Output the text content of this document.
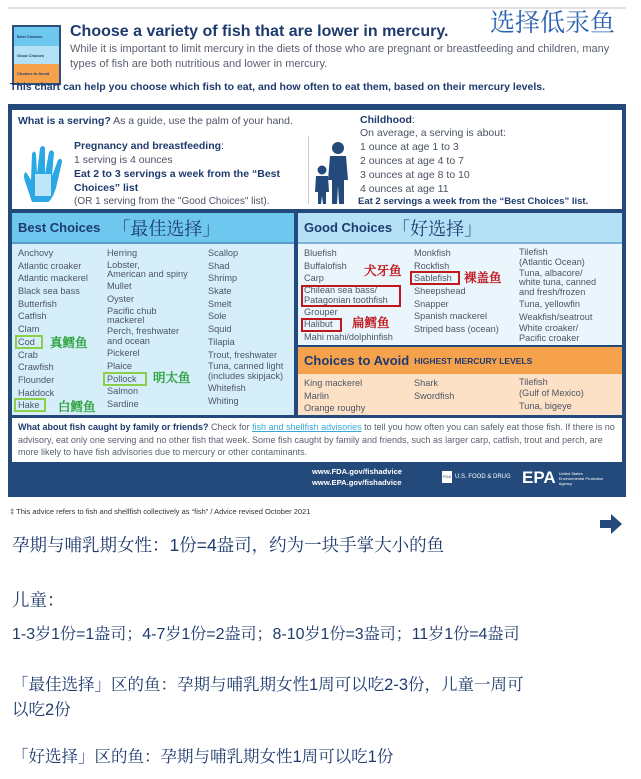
Best Choices
Good Choices
Choices to Avoid
Choose a variety of fish that are lower in mercury. 选择低汞鱼
While it is important to limit mercury in the diets of those who are pregnant or breastfeeding and children, many types of fish are both nutritious and lower in mercury.
This chart can help you choose which fish to eat, and how often to eat them, based on their mercury levels.
What is a serving? As a guide, use the palm of your hand.
Pregnancy and breastfeeding:
1 serving is 4 ounces
Eat 2 to 3 servings a week from the “Best Choices” list
(OR 1 serving from the "Good Choices" list).
Childhood:
On average, a serving is about:
1 ounce at age 1 to 3
2 ounces at age 4 to 7
3 ounces at age 8 to 10
4 ounces at age 11
Eat 2 servings a week from the “Best Choices” list.
Best Choices 「最佳选择」
Anchovy
Atlantic croaker
Atlantic mackerel
Black sea bass
Butterfish
Catfish
Clam
Cod
Crab
Crawfish
Flounder
Haddock
Hake
Herring
Lobster,
American and spiny
Mullet
Oyster
Pacific chub
mackerel
Perch, freshwater
and ocean
Pickerel
Plaice
Pollock
Salmon
Sardine
Scallop
Shad
Shrimp
Skate
Smelt
Sole
Squid
Tilapia
Trout, freshwater
Tuna, canned light
(includes skipjack)
Whitefish
Whiting
真鳕鱼
明太鱼
白鳕鱼
Good Choices 「好选择」
Bluefish
Buffalofish
Carp
Chilean sea bass/
Patagonian toothfish
Grouper
Halibut
Mahi mahi/dolphinfish
Monkfish
Rockfish
Sablefish
Sheepshead
Snapper
Spanish mackerel
Striped bass (ocean)
Tilefish
(Atlantic Ocean)
Tuna, albacore/
white tuna, canned
and fresh/frozen
Tuna, yellowfin
Weakfish/seatrout
White croaker/
Pacific croaker
犬牙鱼	裸盖鱼
扁鳕鱼
Choices to Avoid HIGHEST MERCURY LEVELS
King mackerel
Marlin
Orange roughy
Shark
Swordfish
Tilefish
(Gulf of Mexico)
Tuna, bigeye
What about fish caught by family or friends? Check for fish and shellfish advisories to tell you how often you can safely eat those fish. If there is no advisory, eat only one serving and no other fish that week. Some fish caught by family and friends, such as larger carp, catfish, trout and perch, are more likely to have fish advisories due to mercury or other contaminants.
www.FDA.gov/fishadvice
www.EPA.gov/fishadvice
FDA U.S. FOOD & DRUG EPA United States Environmental Protection Agency
‡ This advice refers to fish and shellfish collectively as “fish” / Advice revised October 2021
孕期与哺乳期女性：1份=4盎司，约为一块手掌大小的鱼
儿童：
1-3岁1份=1盎司；4-7岁1份=2盎司；8-10岁1份=3盎司；11岁1份=4盎司
「最佳选择」区的鱼：孕期与哺乳期女性1周可以吃2-3份，儿童一周可
以吃2份
「好选择」区的鱼：孕期与哺乳期女性1周可以吃1份
